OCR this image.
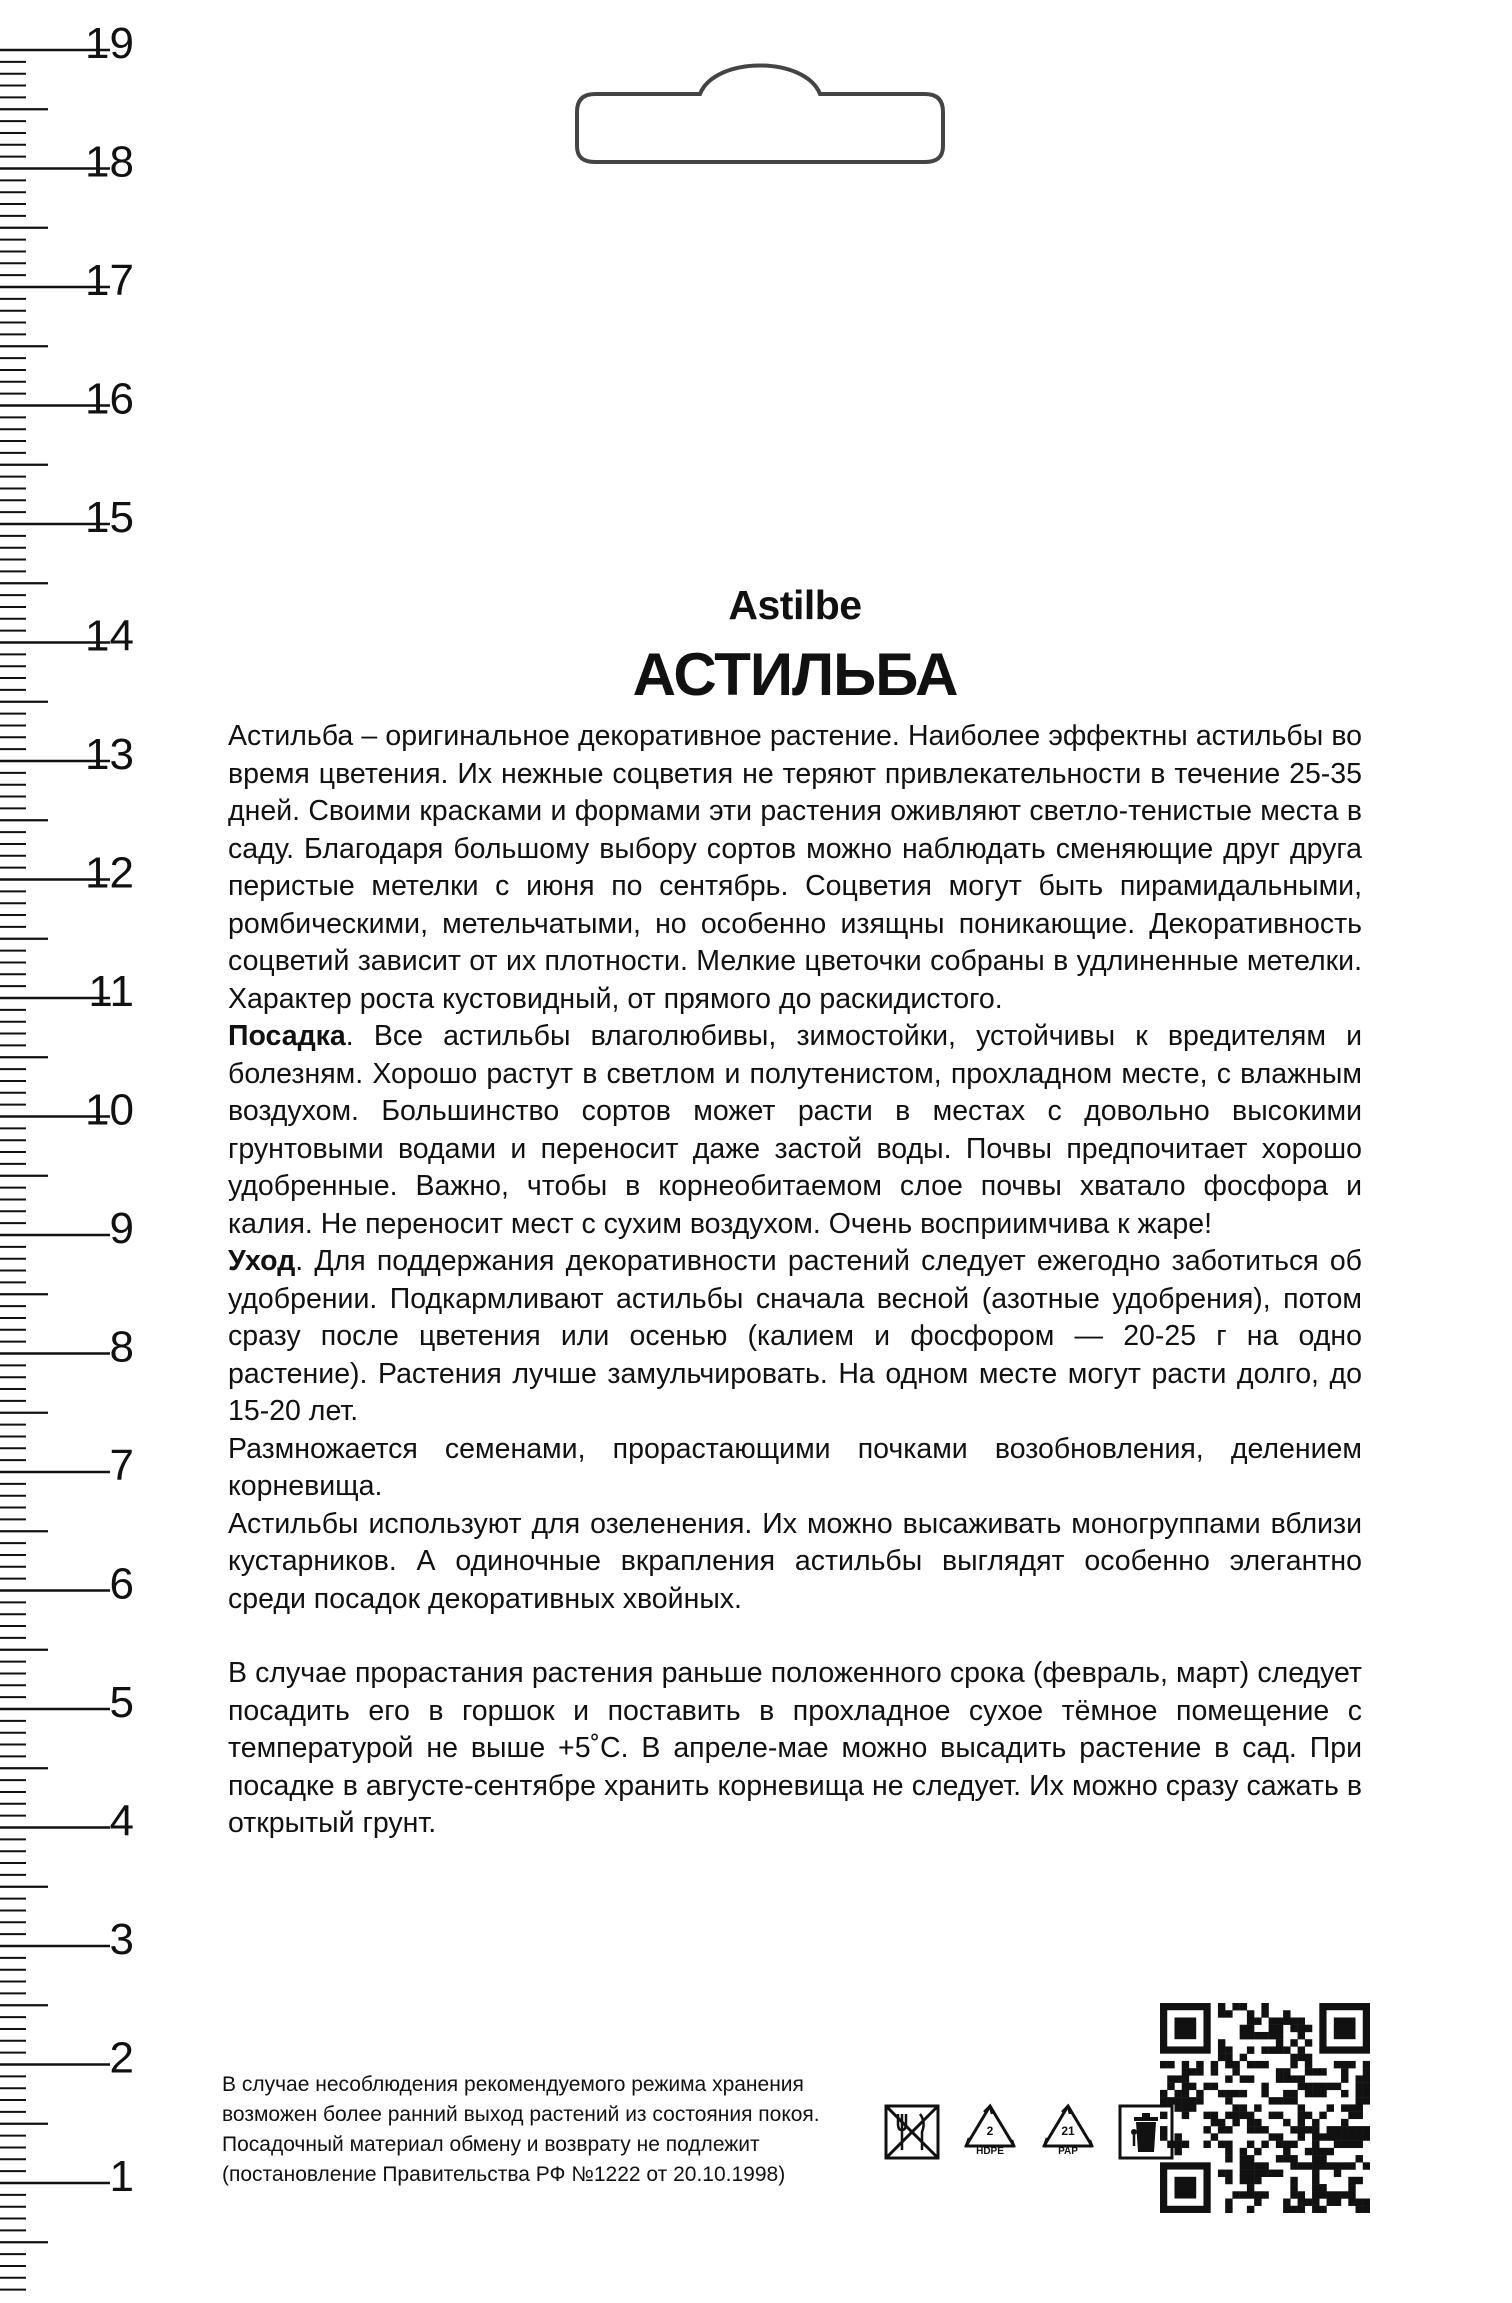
19
18
17
16
15
14
13
12
11
10
9
8
7
6
5
4
3
2
1
Astilbe
АСТИЛЬБА

Астильба – оригинальное декоративное растение. Наиболее эффектны астильбы во время цветения. Их нежные соцветия не теряют привлекательности в течение 25-35 дней. Своими красками и формами эти растения оживляют светло-тенистые места в саду. Благодаря большому выбору сортов можно наблюдать сменяющие друг друга перистые метелки с июня по сентябрь. Соцветия могут быть пирамидальными, ромбическими, метельчатыми, но особенно изящны поникающие. Декоративность соцветий зависит от их плотности. Мелкие цветочки собраны в удлиненные метелки. Характер роста кустовидный, от прямого до раскидистого.

Посадка. Все астильбы влаголюбивы, зимостойки, устойчивы к вредителям и болезням. Хорошо растут в светлом и полутенистом, прохладном месте, с влажным воздухом. Большинство сортов может расти в местах с довольно высокими грунтовыми водами и переносит даже застой воды. Почвы предпочитает хорошо удобренные. Важно, чтобы в корнеобитаемом слое почвы хватало фосфора и калия. Не переносит мест с сухим воздухом. Очень восприимчива к жаре!

Уход. Для поддержания декоративности растений следует ежегодно заботиться об удобрении. Подкармливают астильбы сначала весной (азотные удобрения), потом сразу после цветения или осенью (калием и фосфором — 20-25 г на одно растение). Растения лучше замульчировать. На одном месте могут расти долго, до 15-20 лет.

Размножается семенами, прорастающими почками возобновления, делением корневища.

Астильбы используют для озеленения. Их можно высаживать моногруппами вблизи кустарников. А одиночные вкрапления астильбы выглядят особенно элегантно среди посадок декоративных хвойных.

В случае прорастания растения раньше положенного срока (февраль, март) следует посадить его в горшок и поставить в прохладное сухое тёмное помещение с температурой не выше +5˚С. В апреле-мае можно высадить растение в сад. При посадке в августе-сентябре хранить корневища не следует. Их можно сразу сажать в открытый грунт.

В случае несоблюдения рекомендуемого режима хранения
возможен более ранний выход растений из состояния покоя.
Посадочный материал обмену и возврату не подлежит
(постановление Правительства РФ №1222 от 20.10.1998)
2
HDPE
21
PAP
